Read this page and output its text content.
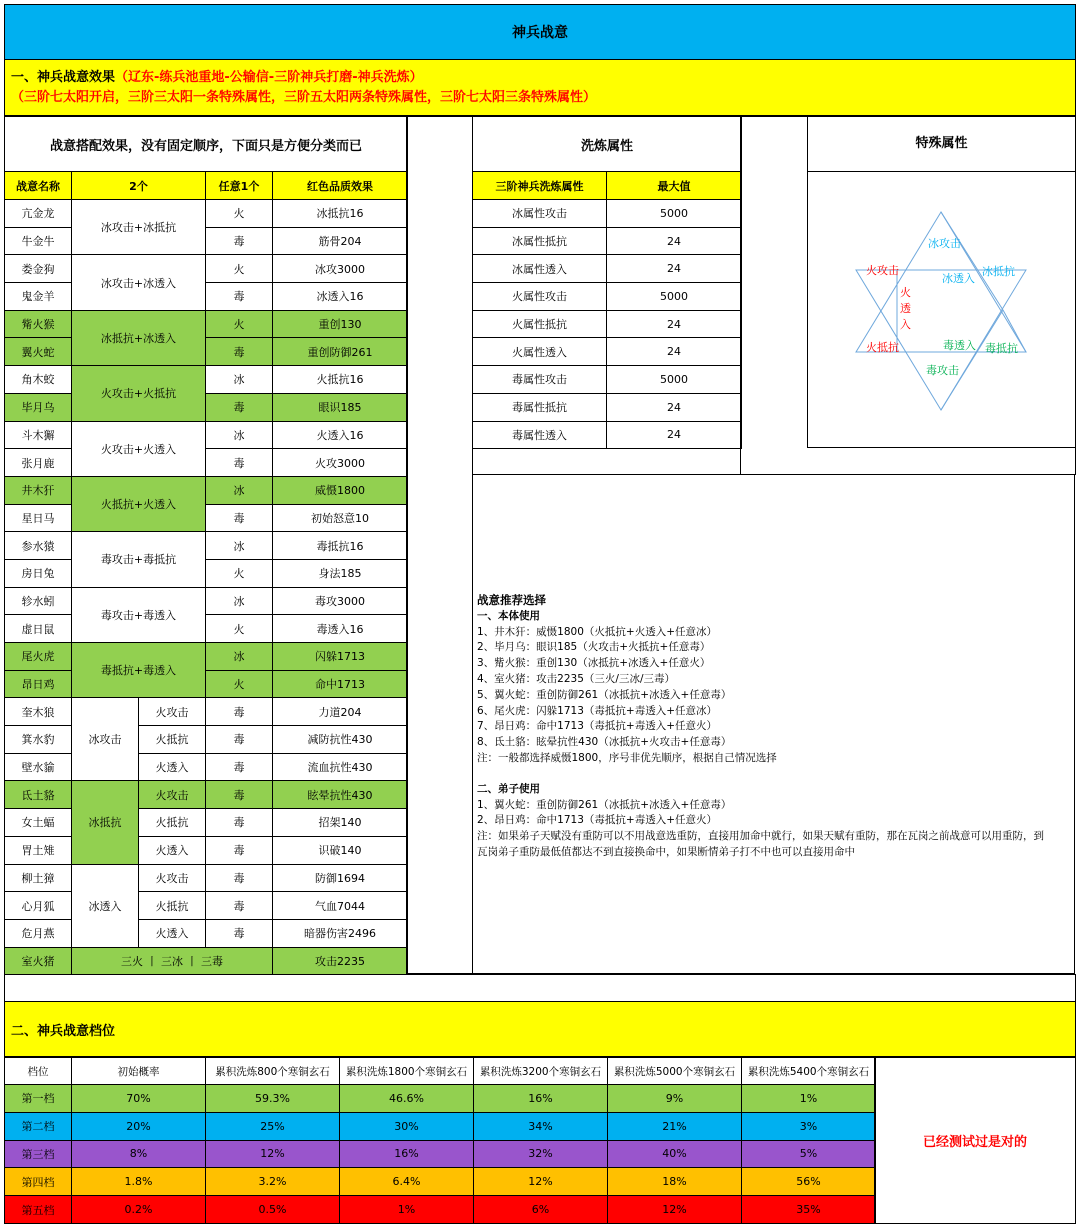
神兵战意
一、神兵战意效果（辽东-练兵池重地-公输信-三阶神兵打磨-神兵洗炼）
（三阶七太阳开启，三阶三太阳一条特殊属性，三阶五太阳两条特殊属性，三阶七太阳三条特殊属性）
战意搭配效果，没有固定顺序，下面只是方便分类而已				
战意名称	2个		任意1个	红色品质效果
亢金龙	冰攻击+冰抵抗		火	冰抵抗16
牛金牛			毒	筋骨204
娄金狗	冰攻击+冰透入		火	冰攻3000
鬼金羊			毒	冰透入16
觜火猴	冰抵抗+冰透入		火	重创130
翼火蛇			毒	重创防御261
角木蛟	火攻击+火抵抗		冰	火抵抗16
毕月乌			毒	眼识185
斗木獬	火攻击+火透入		冰	火透入16
张月鹿			毒	火攻3000
井木犴	火抵抗+火透入		冰	威慑1800
星日马			毒	初始怒意10
参水猿	毒攻击+毒抵抗		冰	毒抵抗16
房日兔			火	身法185
轸水蚓	毒攻击+毒透入		冰	毒攻3000
虚日鼠			火	毒透入16
尾火虎	毒抵抗+毒透入		冰	闪躲1713
昂日鸡			火	命中1713
奎木狼	冰攻击	火攻击	毒	力道204
箕水豹		火抵抗	毒	减防抗性430
壁水貐		火透入	毒	流血抗性430
氐土貉	冰抵抗	火攻击	毒	眩晕抗性430
女土蝠		火抵抗	毒	招架140
胃土雉		火透入	毒	识破140
柳土獐	冰透入	火攻击	毒	防御1694
心月狐		火抵抗	毒	气血7044
危月燕		火透入	毒	暗器伤害2496
室火猪	三火 丨 三冰 丨 三毒			攻击2235
洗炼属性	
三阶神兵洗炼属性	最大值
冰属性攻击	5000
冰属性抵抗	24
冰属性透入	24
火属性攻击	5000
火属性抵抗	24
火属性透入	24
毒属性攻击	5000
毒属性抵抗	24
毒属性透入	24
特殊属性
冰攻击
冰透入
冰抵抗
火攻击
火
透
入
火抵抗	毒透入 毒抵抗
毒攻击
战意推荐选择
一、本体使用
1、井木犴：威慑1800（火抵抗+火透入+任意冰）
2、毕月乌：眼识185（火攻击+火抵抗+任意毒）
3、觜火猴：重创130（冰抵抗+冰透入+任意火）
4、室火猪：攻击2235（三火/三冰/三毒）
5、翼火蛇：重创防御261（冰抵抗+冰透入+任意毒）
6、尾火虎：闪躲1713（毒抵抗+毒透入+任意冰）
7、昂日鸡：命中1713（毒抵抗+毒透入+任意火）
8、氐土貉：眩晕抗性430（冰抵抗+火攻击+任意毒）
注：一般都选择威慑1800，序号非优先顺序，根据自己情况选择
二、弟子使用
1、翼火蛇：重创防御261（冰抵抗+冰透入+任意毒）
2、昂日鸡：命中1713（毒抵抗+毒透入+任意火）
注：如果弟子天赋没有重防可以不用战意选重防，直接用加命中就行，如果天赋有重防，那在瓦岗之前战意可以用重防，到
瓦岗弟子重防最低值都达不到直接换命中，如果断情弟子打不中也可以直接用命中
二、神兵战意档位
档位	初始概率	累积洗炼800个寒铜玄石	累积洗炼1800个寒铜玄石	累积洗炼3200个寒铜玄石	累积洗炼5000个寒铜玄石	累积洗炼5400个寒铜玄石
第一档	70%	59.3%	46.6%	16%	9%	1%
第二档	20%	25%	30%	34%	21%	3%
第三档	8%	12%	16%	32%	40%	5%
第四档	1.8%	3.2%	6.4%	12%	18%	56%
第五档	0.2%	0.5%	1%	6%	12%	35%
已经测试过是对的
